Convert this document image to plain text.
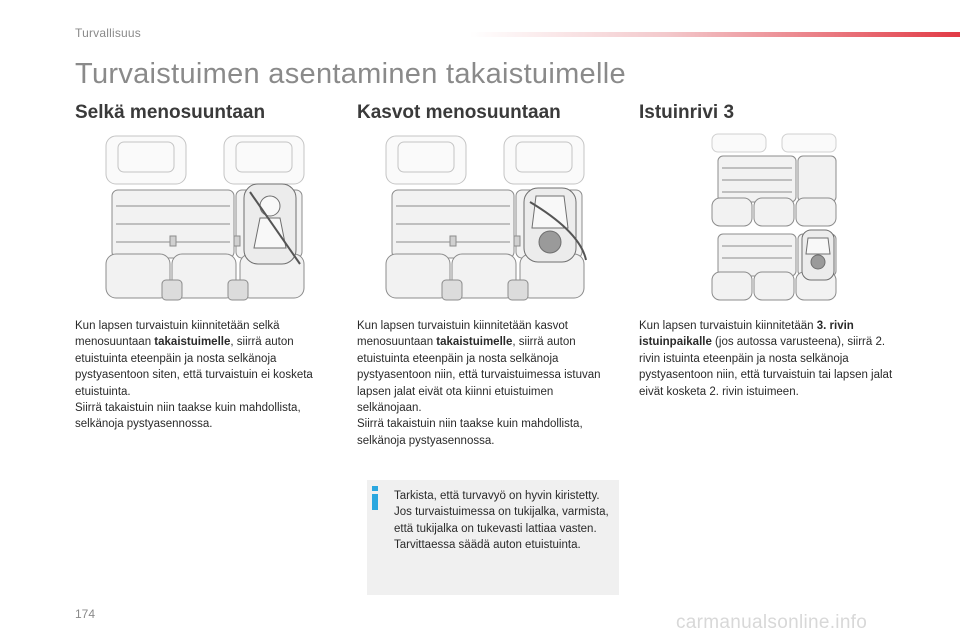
Turvallisuus
Turvaistuimen asentaminen takaistuimelle
Selkä menosuuntaan	Kasvot menosuuntaan	Istuinrivi 3

Kun lapsen turvaistuin kiinnitetään selkä menosuuntaan takaistuimelle, siirrä auton etuistuinta eteenpäin ja nosta selkänoja pystyasentoon siten, että turvaistuin ei kosketa etuistuinta.

Siirrä takaistuin niin taakse kuin mahdollista, selkänoja pystyasennossa.

Kun lapsen turvaistuin kiinnitetään kasvot menosuuntaan takaistuimelle, siirrä auton etuistuinta eteenpäin ja nosta selkänoja pystyasentoon niin, että turvaistuimessa istuvan lapsen jalat eivät ota kiinni etuistuimen selkänojaan.

Siirrä takaistuin niin taakse kuin mahdollista, selkänoja pystyasennossa.

Kun lapsen turvaistuin kiinnitetään 3. rivin istuinpaikalle (jos autossa varusteena), siirrä 2. rivin istuinta eteenpäin ja nosta selkänoja pystyasentoon niin, että turvaistuin tai lapsen jalat eivät kosketa 2. rivin istuimeen.

Tarkista, että turvavyö on hyvin kiristetty.

Jos turvaistuimessa on tukijalka, varmista, että tukijalka on tukevasti lattiaa vasten. Tarvittaessa säädä auton etuistuinta.

174	carmanualsonline.info
